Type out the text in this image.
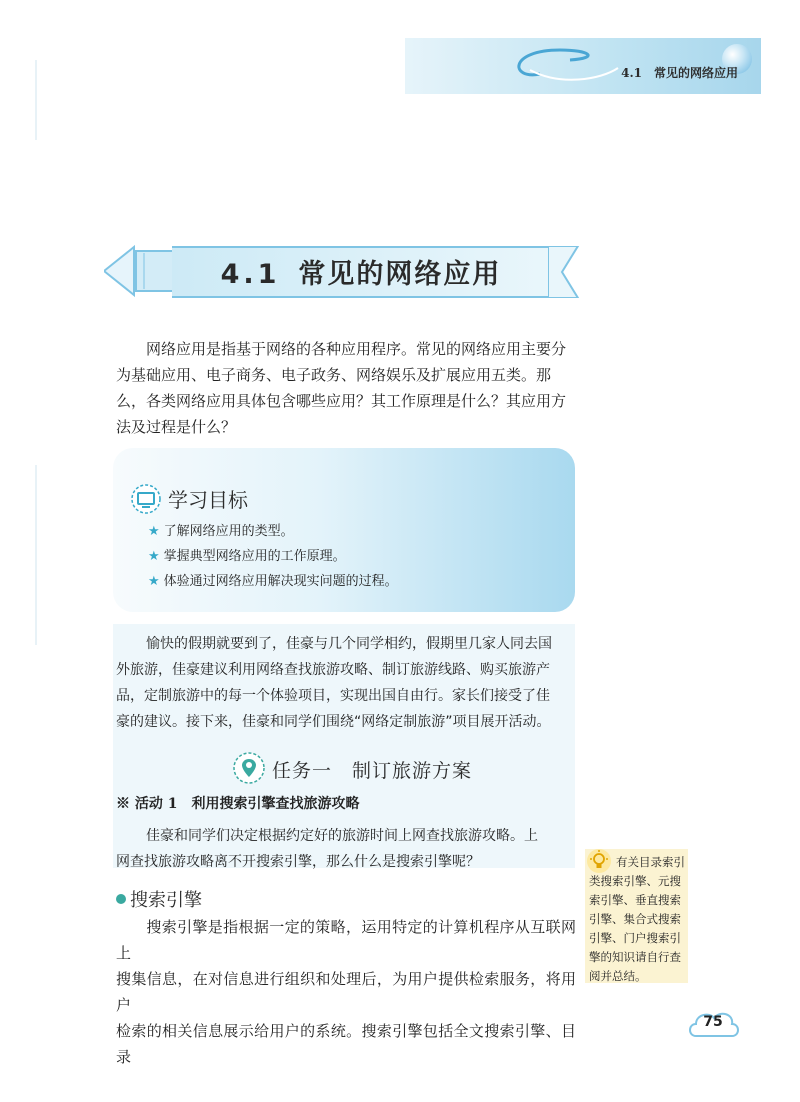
4.1　常见的网络应用
4.1 常见的网络应用
网络应用是指基于网络的各种应用程序。常见的网络应用主要分
为基础应用、电子商务、电子政务、网络娱乐及扩展应用五类。那
么，各类网络应用具体包含哪些应用？其工作原理是什么？其应用方
法及过程是什么？
学习目标
★ 了解网络应用的类型。
★ 掌握典型网络应用的工作原理。
★ 体验通过网络应用解决现实问题的过程。
愉快的假期就要到了，佳豪与几个同学相约，假期里几家人同去国
外旅游，佳豪建议利用网络查找旅游攻略、制订旅游线路、购买旅游产
品，定制旅游中的每一个体验项目，实现出国自由行。家长们接受了佳
豪的建议。接下来，佳豪和同学们围绕“网络定制旅游”项目展开活动。
任务一 制订旅游方案
※ 活动 1　利用搜索引擎查找旅游攻略
佳豪和同学们决定根据约定好的旅游时间上网查找旅游攻略。上
网查找旅游攻略离不开搜索引擎，那么什么是搜索引擎呢？
搜索引擎
搜索引擎是指根据一定的策略，运用特定的计算机程序从互联网上
搜集信息，在对信息进行组织和处理后，为用户提供检索服务，将用户
检索的相关信息展示给用户的系统。搜索引擎包括全文搜索引擎、目录
有关目录索引
类搜索引擎、元搜
索引擎、垂直搜索
引擎、集合式搜索
引擎、门户搜索引
擎的知识请自行查
阅并总结。
75
